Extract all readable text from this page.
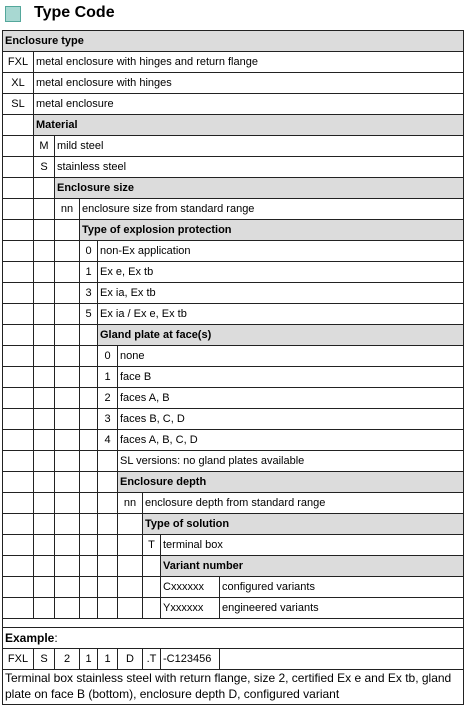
Type Code
Enclosure type
FXL metal enclosure with hinges and return flange
XL	metal enclosure with hinges
SL	metal enclosure
Material
M mild steel
S stainless steel
Enclosure size
nn enclosure size from standard range
Type of explosion protection
0 non-Ex application
1 Ex e, Ex tb
3 Ex ia, Ex tb
5 Ex ia / Ex e, Ex tb
Gland plate at face(s)
0 none
1 face B
2 faces A, B
3 faces B, C, D
4 faces A, B, C, D
SL versions: no gland plates available
Enclosure depth
nn enclosure depth from standard range
Type of solution
T terminal box
Variant number
Cxxxxxx	configured variants
Yxxxxxx	engineered variants
Example:
FXL	S	2	1	1	D	.T -C123456
Terminal box stainless steel with return flange, size 2, certified Ex e and Ex tb, gland plate on face B (bottom), enclosure depth D, configured variant
